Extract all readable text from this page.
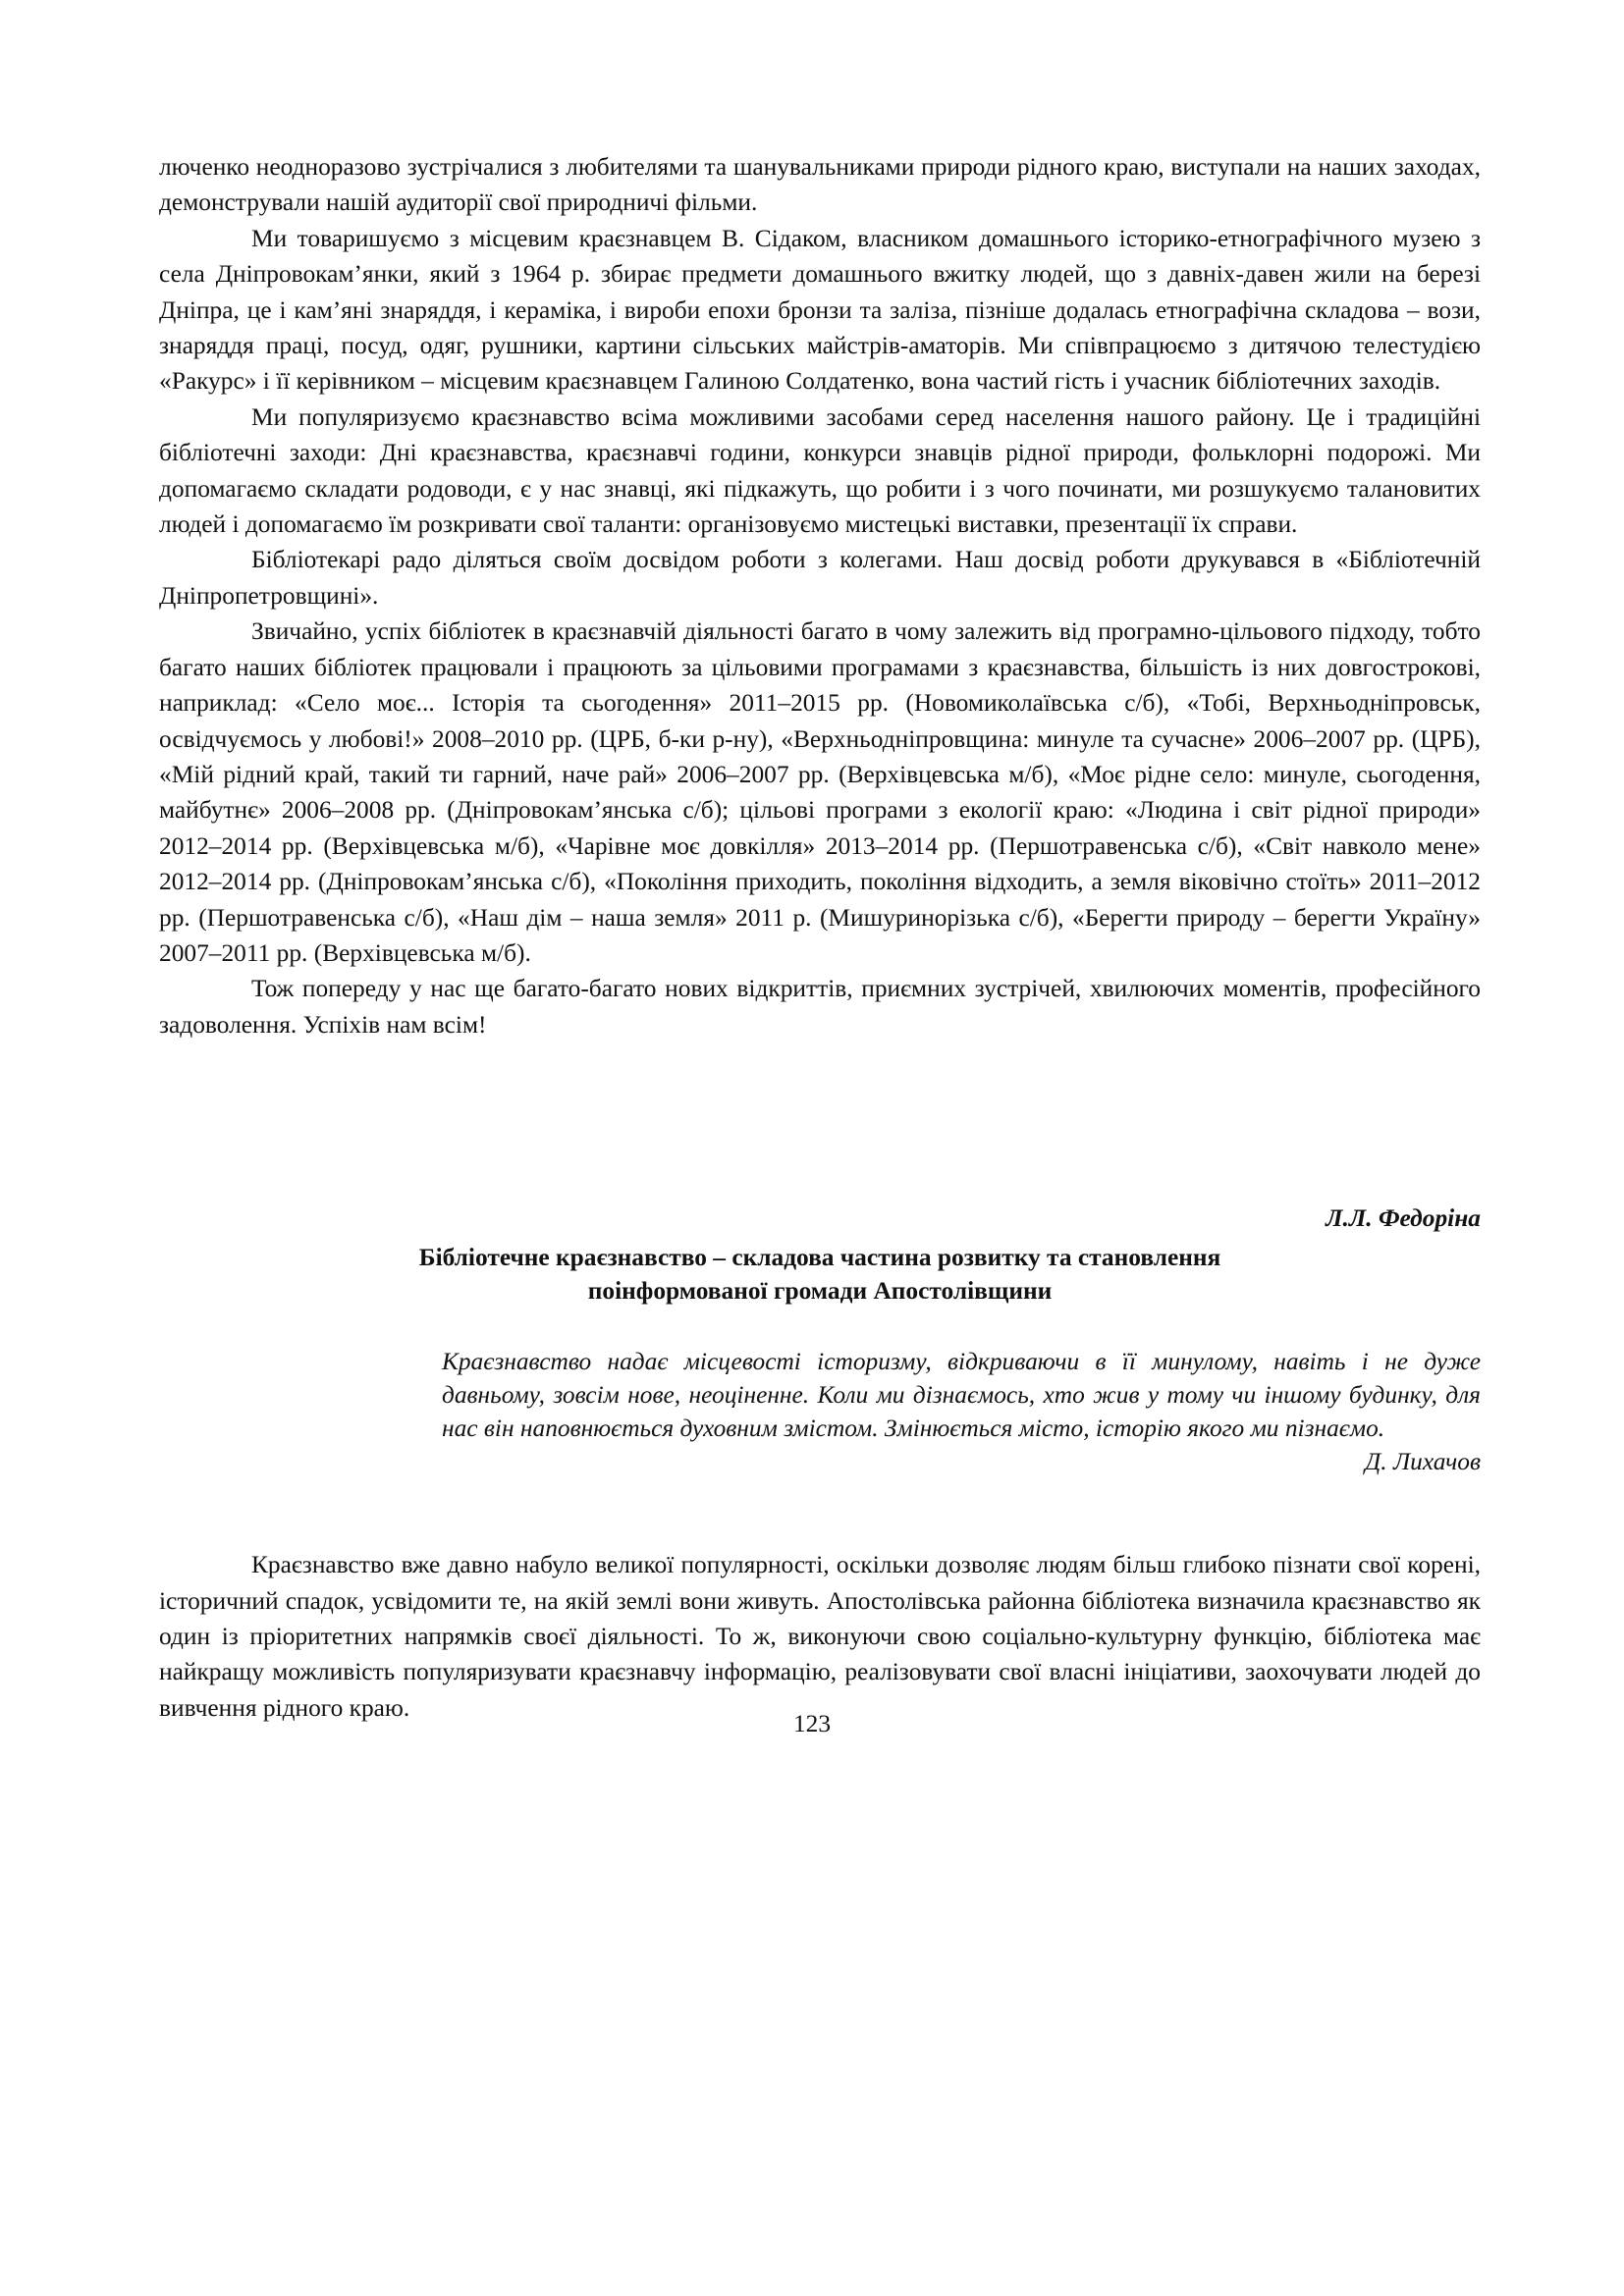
люченко неодноразово зустрічалися з любителями та шанувальниками природи рідного краю, виступали на наших заходах, демонстрували нашій аудиторії свої природничі фільми.

Ми товаришуємо з місцевим краєзнавцем В. Сідаком, власником домашнього історико-етнографічного музею з села Дніпровокам’янки, який з 1964 р. збирає предмети домашнього вжитку людей, що з давніх-давен жили на березі Дніпра, це і кам’яні знаряддя, і кераміка, і вироби епохи бронзи та заліза, пізніше додалась етнографічна складова – вози, знаряддя праці, посуд, одяг, рушники, картини сільських майстрів-аматорів. Ми співпрацюємо з дитячою телестудією «Ракурс» і її керівником – місцевим краєзнавцем Галиною Солдатенко, вона частий гість і учасник бібліотечних заходів.

Ми популяризуємо краєзнавство всіма можливими засобами серед населення нашого району. Це і традиційні бібліотечні заходи: Дні краєзнавства, краєзнавчі години, конкурси знавців рідної природи, фольклорні подорожі. Ми допомагаємо складати родоводи, є у нас знавці, які підкажуть, що робити і з чого починати, ми розшукуємо талановитих людей і допомагаємо їм розкривати свої таланти: організовуємо мистецькі виставки, презентації їх справи.

Бібліотекарі радо діляться своїм досвідом роботи з колегами. Наш досвід роботи друкувався в «Бібліотечній Дніпропетровщині».

Звичайно, успіх бібліотек в краєзнавчій діяльності багато в чому залежить від програмно-цільового підходу, тобто багато наших бібліотек працювали і працюють за цільовими програмами з краєзнавства, більшість із них довгострокові, наприклад: «Село моє... Історія та сьогодення» 2011–2015 рр. (Новомиколаївська с/б), «Тобі, Верхньодніпровськ, освідчуємось у любові!» 2008–2010 рр. (ЦРБ, б-ки р-ну), «Верхньодніпровщина: минуле та сучасне» 2006–2007 рр. (ЦРБ), «Мій рідний край, такий ти гарний, наче рай» 2006–2007 рр. (Верхівцевська м/б), «Моє рідне село: минуле, сьогодення, майбутнє» 2006–2008 рр. (Дніпровокам’янська с/б); цільові програми з екології краю: «Людина і світ рідної природи» 2012–2014 рр. (Верхівцевська м/б), «Чарівне моє довкілля» 2013–2014 рр. (Першотравенська с/б), «Світ навколо мене» 2012–2014 рр. (Дніпровокам’янська с/б), «Покоління приходить, покоління відходить, а земля віковічно стоїть» 2011–2012 рр. (Першотравенська с/б), «Наш дім – наша земля» 2011 р. (Мишуринорізька с/б), «Берегти природу – берегти Україну» 2007–2011 рр. (Верхівцевська м/б).

Тож попереду у нас ще багато-багато нових відкриттів, приємних зустрічей, хвилюючих моментів, професійного задоволення. Успіхів нам всім!

Л.Л. Федоріна

Бібліотечне краєзнавство – складова частина розвитку та становлення
поінформованої громади Апостолівщини

Краєзнавство надає місцевості історизму, відкриваючи в її минулому, навіть і не дуже давньому, зовсім нове, неоціненне. Коли ми дізнаємось, хто жив у тому чи іншому будинку, для нас він наповнюється духовним змістом. Змінюється місто, історію якого ми пізнаємо.

Д. Лихачов

Краєзнавство вже давно набуло великої популярності, оскільки дозволяє людям більш глибоко пізнати свої корені, історичний спадок, усвідомити те, на якій землі вони живуть. Апостолівська районна бібліотека визначила краєзнавство як один із пріоритетних напрямків своєї діяльності. То ж, виконуючи свою соціально-культурну функцію, бібліотека має найкращу можливість популяризувати краєзнавчу інформацію, реалізовувати свої власні ініціативи, заохочувати людей до вивчення рідного краю.

123
